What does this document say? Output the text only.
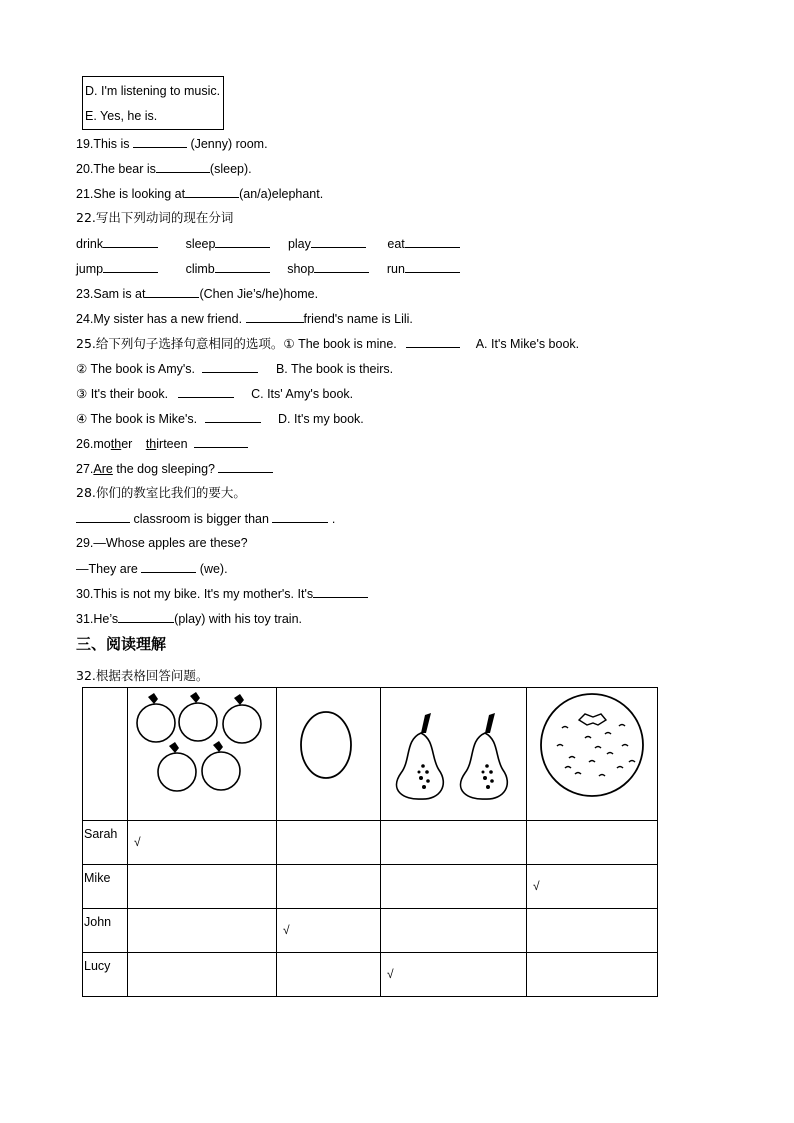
D. I'm listening to music.
E. Yes, he is.
19.This is	(Jenny) room.
20.The bear is	(sleep).
21.She is looking at	(an/a)elephant.
22.写出下列动词的现在分词
drink	sleep	play	eat
jump	climb	shop	run
23.Sam is at	(Chen Jie’s/he)home.
24.My sister has a new friend.	friend's name is Lili.
25.给下列句子选择句意相同的选项。① The book is mine.	A. It's Mike's book.
② The book is Amy's.	B. The book is theirs.
③ It's their book.	C. Its' Amy's book.
④ The book is Mike's.	D. It's my book.
26.mother thirteen
27.Are the dog sleeping?
28.你们的教室比我们的要大。
classroom is bigger than	.
29.—Whose apples are these?
—They are	(we).
30.This is not my bike. It's my mother's. It's
31.He’s	(play) with his toy train.
三、阅读理解
32.根据表格回答问题。

Sarah	√			

Mike				√

John		√		

Lucy			√	
